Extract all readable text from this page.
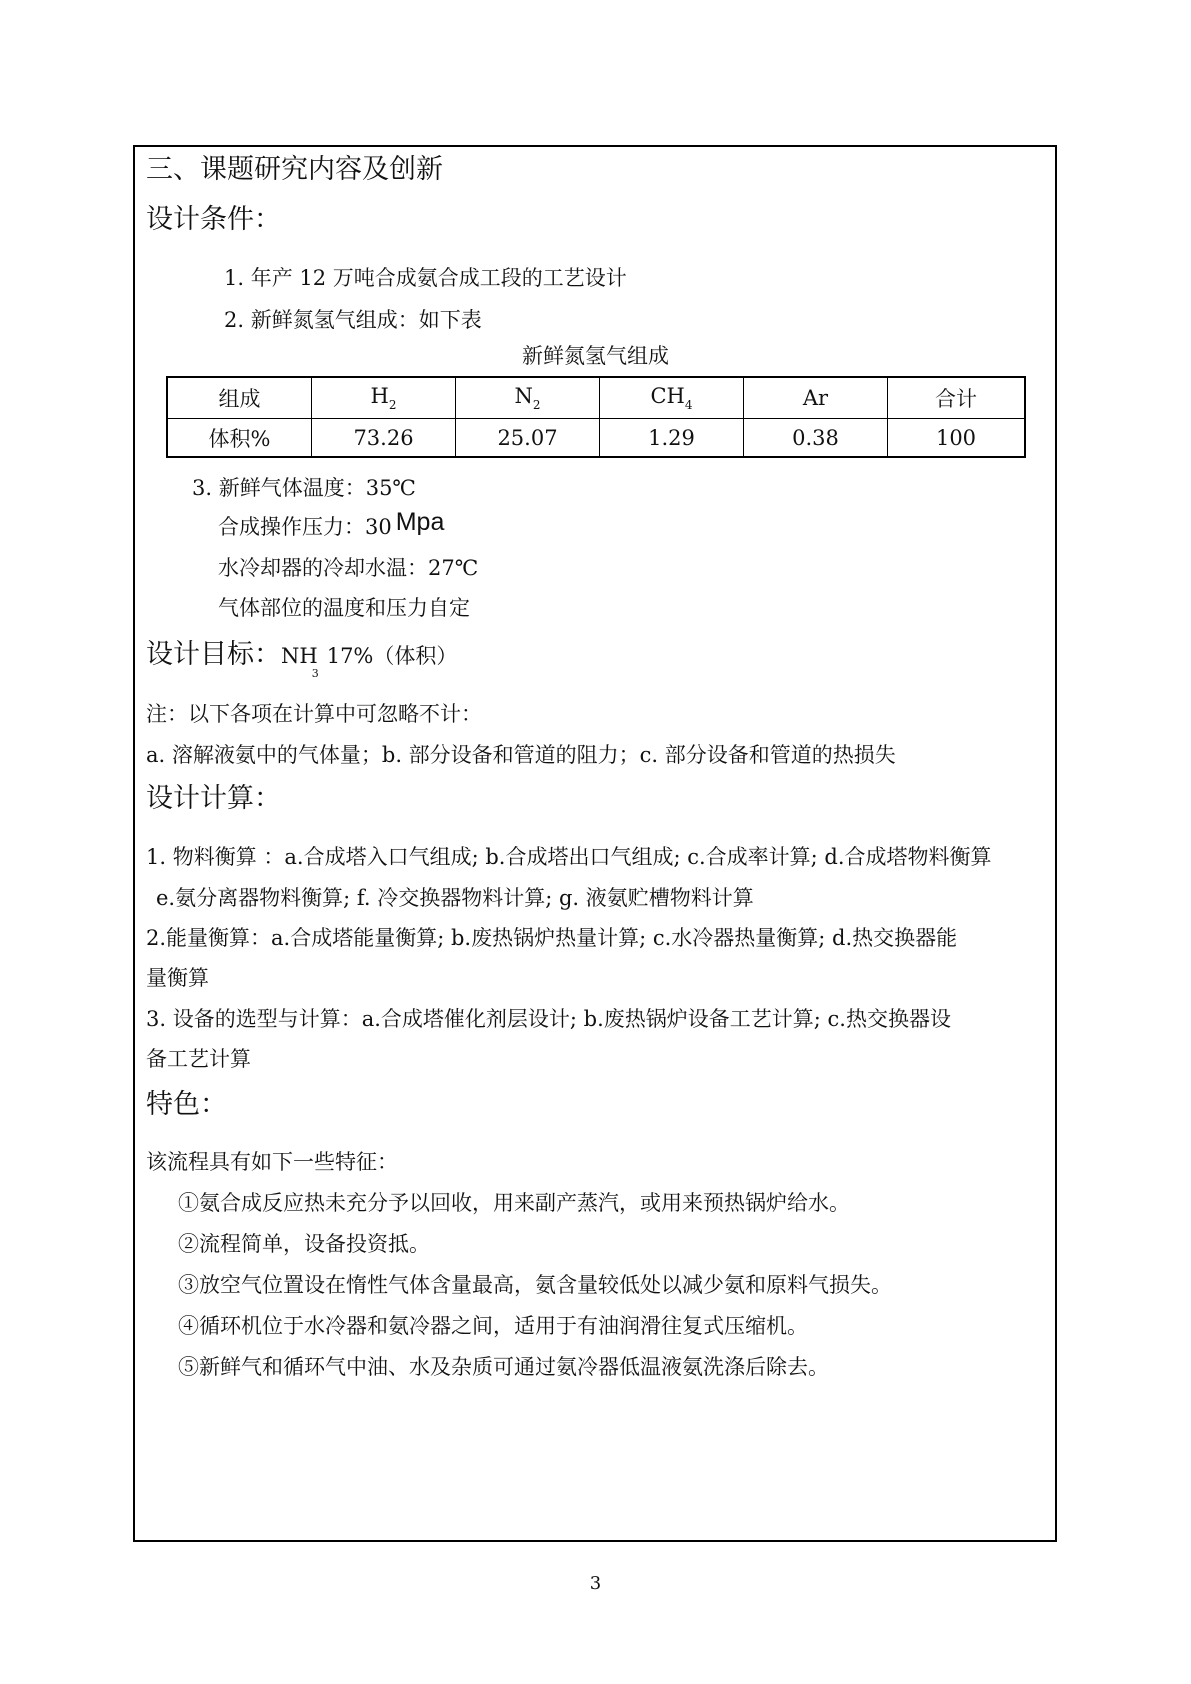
三、课题研究内容及创新
设计条件：
1. 年产 12 万吨合成氨合成工段的工艺设计
2. 新鲜氮氢气组成：如下表
新鲜氮氢气组成
组成	$H_2$	$N_2$	$CH_4$	Ar	合计
体积%	73.26	25.07	1.29	0.38	100
3. 新鲜气体温度：35℃
合成操作压力：30 Mpa
水冷却器的冷却水温：27℃
气体部位的温度和压力自定
设计目标：$NH_317\%$（体积）
注：以下各项在计算中可忽略不计：
a. 溶解液氨中的气体量；b. 部分设备和管道的阻力；c. 部分设备和管道的热损失
设计计算：
1. 物料衡算 ：a.合成塔入口气组成; b.合成塔出口气组成; c.合成率计算; d.合成塔物料衡算
e.氨分离器物料衡算; f. 冷交换器物料计算; g. 液氨贮槽物料计算
2.能量衡算：a.合成塔能量衡算; b.废热锅炉热量计算; c.水冷器热量衡算; d.热交换器能
量衡算
3. 设备的选型与计算：a.合成塔催化剂层设计; b.废热锅炉设备工艺计算; c.热交换器设
备工艺计算
特色：
该流程具有如下一些特征：
①氨合成反应热未充分予以回收，用来副产蒸汽，或用来预热锅炉给水。
②流程简单，设备投资抵。
③放空气位置设在惰性气体含量最高，氨含量较低处以减少氨和原料气损失。
④循环机位于水冷器和氨冷器之间，适用于有油润滑往复式压缩机。
⑤新鲜气和循环气中油、水及杂质可通过氨冷器低温液氨洗涤后除去。
3
